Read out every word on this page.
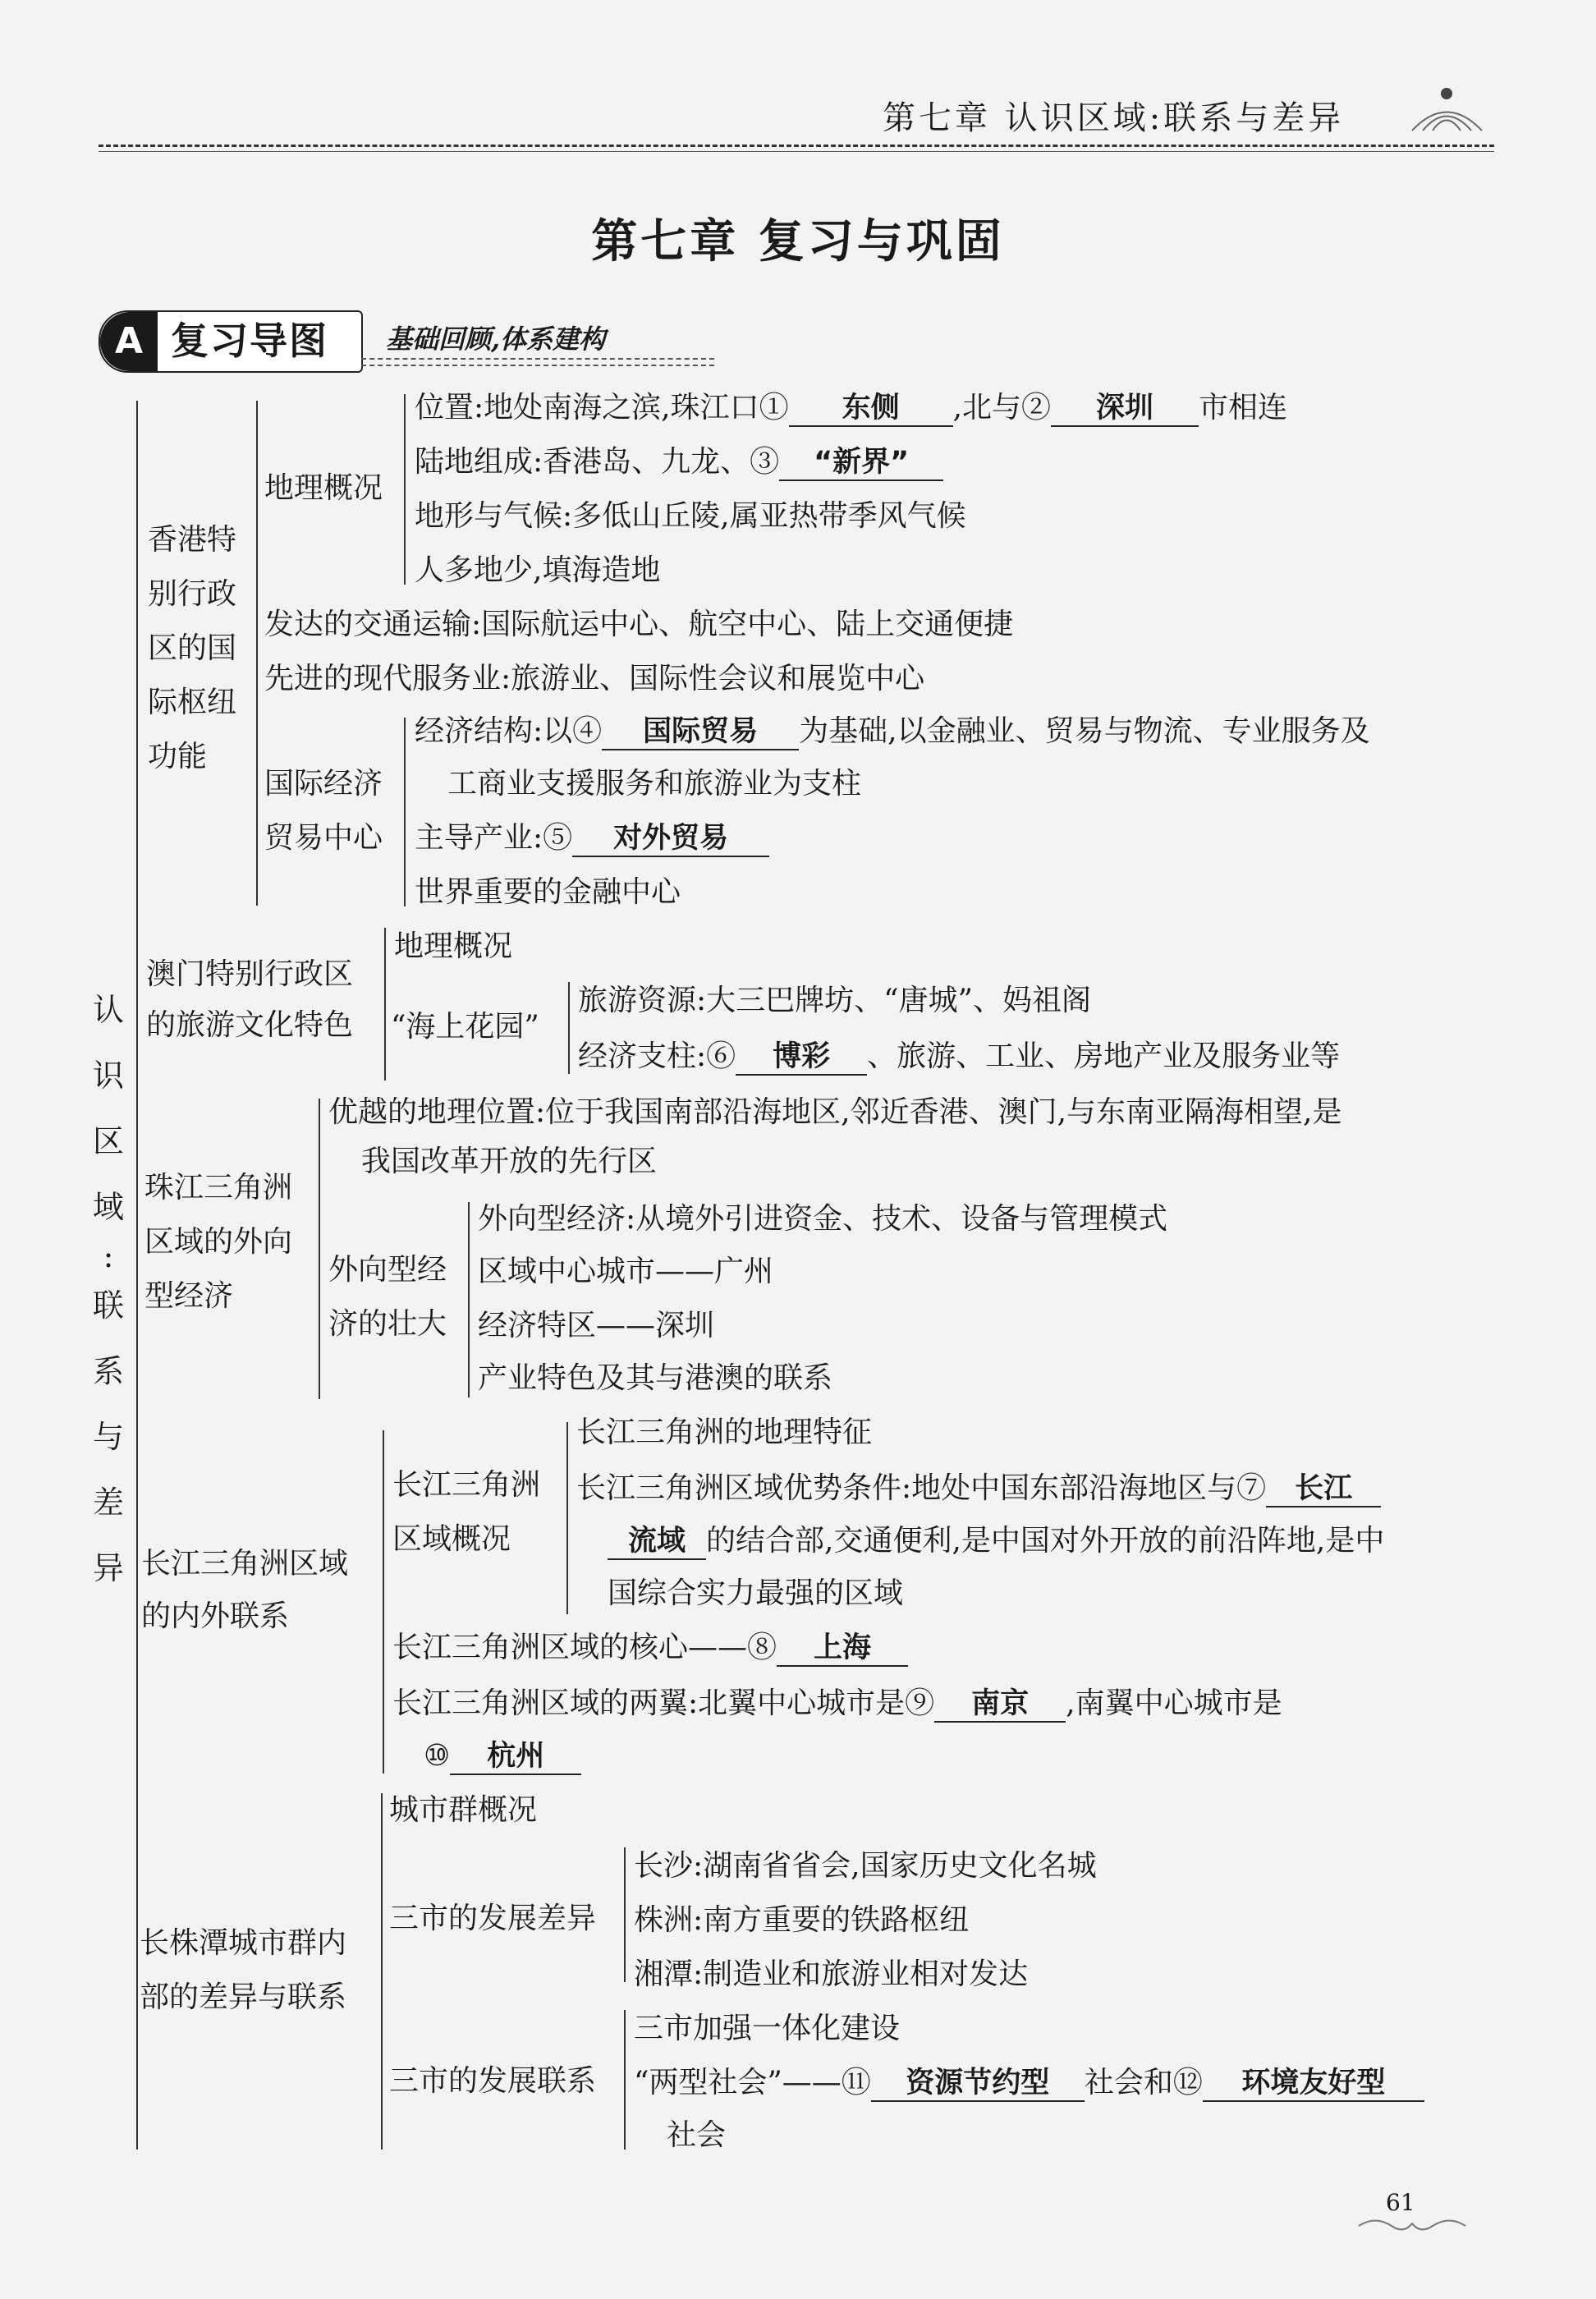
第七章 认识区域:联系与差异
第七章 复习与巩固
A 复习导图 基础回顾,体系建构
认
识
区
域
:
联
系
与
差
异
香港特
别行政
区的国
际枢纽
功能
地理概况
位置:地处南海之滨,珠江口① 东侧 ,北与② 深圳 市相连
陆地组成:香港岛、九龙、③ “新界”
地形与气候:多低山丘陵,属亚热带季风气候
人多地少,填海造地
发达的交通运输:国际航运中心、航空中心、陆上交通便捷
先进的现代服务业:旅游业、国际性会议和展览中心
国际经济
贸易中心
经济结构:以④ 国际贸易 为基础,以金融业、贸易与物流、专业服务及
工商业支援服务和旅游业为支柱
主导产业:⑤ 对外贸易
世界重要的金融中心
澳门特别行政区
的旅游文化特色
地理概况
“海上花园”
旅游资源:大三巴牌坊、“唐城”、妈祖阁
经济支柱:⑥ 博彩 、旅游、工业、房地产业及服务业等
珠江三角洲
区域的外向
型经济
优越的地理位置:位于我国南部沿海地区,邻近香港、澳门,与东南亚隔海相望,是
我国改革开放的先行区
外向型经
济的壮大
外向型经济:从境外引进资金、技术、设备与管理模式
区域中心城市——广州
经济特区——深圳
产业特色及其与港澳的联系
长江三角洲区域
的内外联系
长江三角洲
区域概况
长江三角洲的地理特征
长江三角洲区域优势条件:地处中国东部沿海地区与⑦ 长江
流域 的结合部,交通便利,是中国对外开放的前沿阵地,是中
国综合实力最强的区域
长江三角洲区域的核心——⑧ 上海
长江三角洲区域的两翼:北翼中心城市是⑨ 南京 ,南翼中心城市是
⑩ 杭州
长株潭城市群内
部的差异与联系
城市群概况
三市的发展差异
长沙:湖南省省会,国家历史文化名城
株洲:南方重要的铁路枢纽
湘潭:制造业和旅游业相对发达
三市的发展联系
三市加强一体化建设
“两型社会”——⑪ 资源节约型 社会和⑫ 环境友好型
社会
61
